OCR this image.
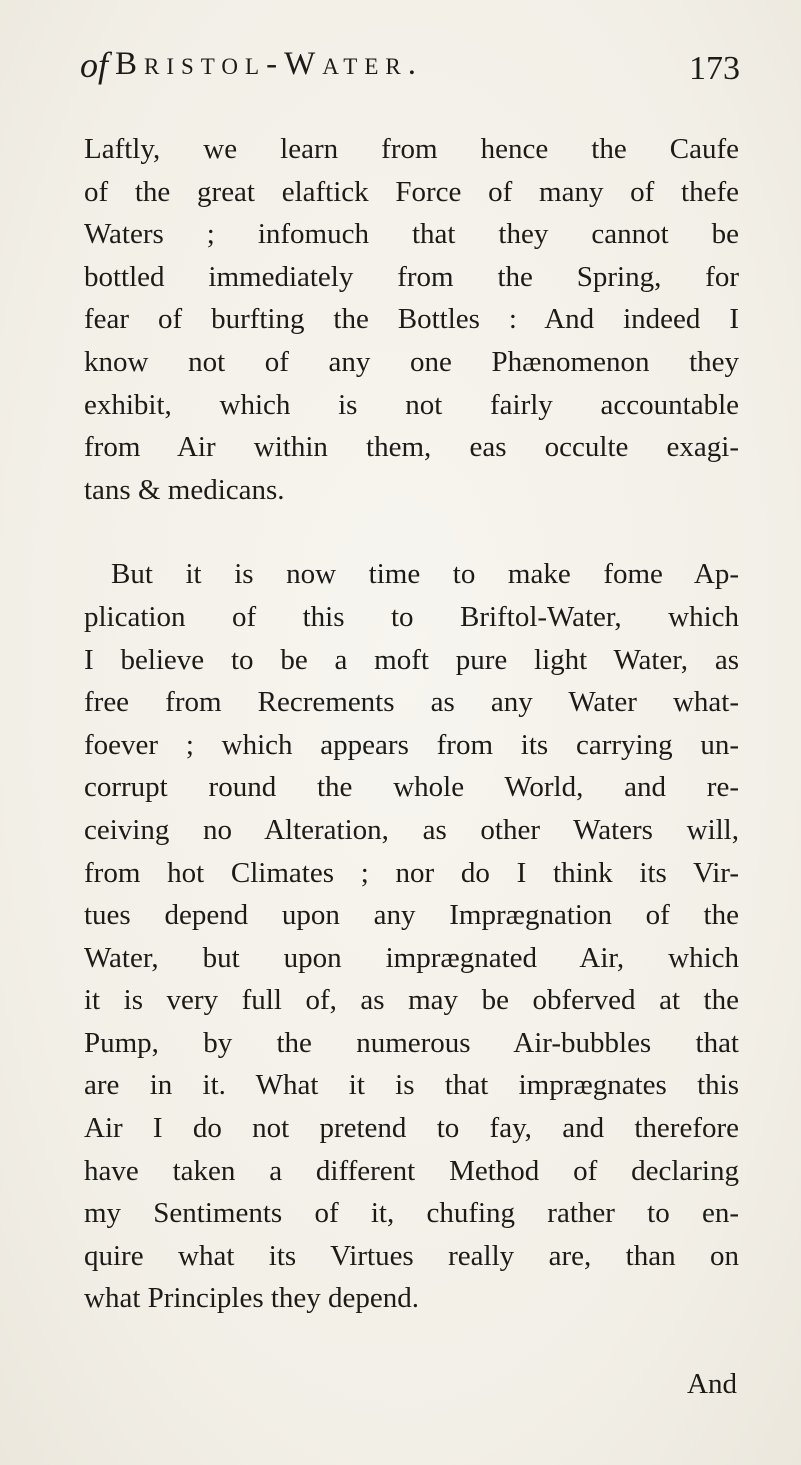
of Bristol-Water.	173
Laftly, we learn from hence the Caufe
of the great elaftick Force of many of thefe
Waters ; infomuch that they cannot be
bottled immediately from the Spring, for
fear of burfting the Bottles : And indeed I
know not of any one Phænomenon they
exhibit, which is not fairly accountable
from Air within them, eas occulte exagi-
tans & medicans.
But it is now time to make fome Ap-
plication of this to Briftol-Water, which
I believe to be a moft pure light Water, as
free from Recrements as any Water what-
foever ; which appears from its carrying un-
corrupt round the whole World, and re-
ceiving no Alteration, as other Waters will,
from hot Climates ; nor do I think its Vir-
tues depend upon any Imprægnation of the
Water, but upon imprægnated Air, which
it is very full of, as may be obferved at the
Pump, by the numerous Air-bubbles that
are in it. What it is that imprægnates this
Air I do not pretend to fay, and therefore
have taken a different Method of declaring
my Sentiments of it, chufing rather to en-
quire what its Virtues really are, than on
what Principles they depend.
And
